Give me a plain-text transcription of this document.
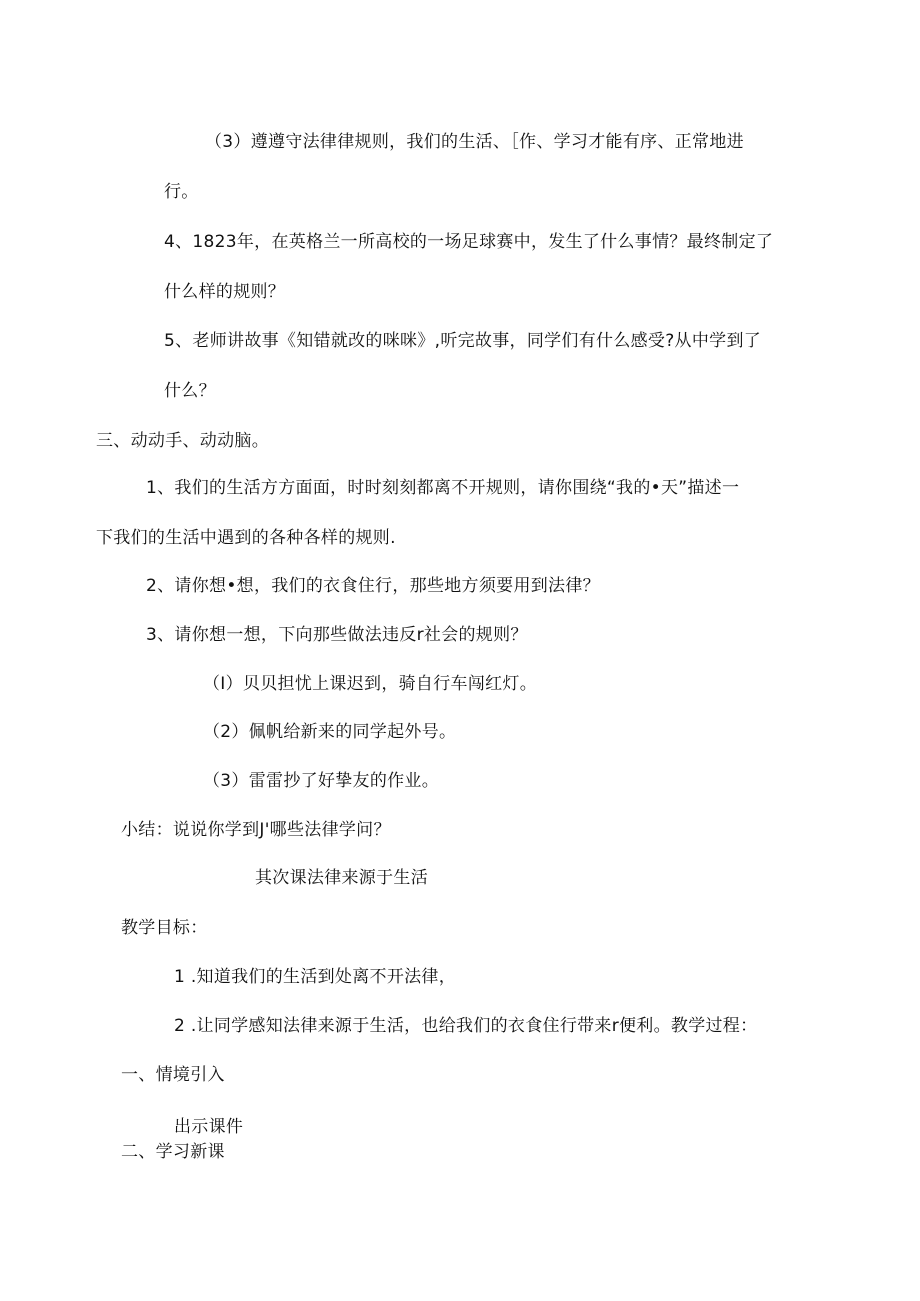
（3）遵遵守法律律规则，我们的生活、［作、学习才能有序、正常地进
行。
4、1823年，在英格兰一所高校的一场足球赛中，发生了什么事情？最终制定了
什么样的规则？
5、老师讲故事《知错就改的咪咪》,听完故事，同学们有什么感受?从中学到了
什么？
三、动动手、动动脑。
1、我们的生活方方面面，时时刻刻都离不开规则，请你围绕“我的•天”描述一
下我们的生活中遇到的各种各样的规则.
2、请你想•想，我们的衣食住行，那些地方须要用到法律？
3、请你想一想，下向那些做法违反r社会的规则？
（I）贝贝担忧上课迟到，骑自行车闯红灯。
（2）佩帆给新来的同学起外号。
（3）雷雷抄了好挚友的作业。
小结：说说你学到J'哪些法律学问？
其次课法律来源于生活
教学目标：
1 .知道我们的生活到处离不开法律，
2 .让同学感知法律来源于生活，也给我们的衣食住行带来r便利。教学过程：
一、情境引入
出示课件
二、学习新课
